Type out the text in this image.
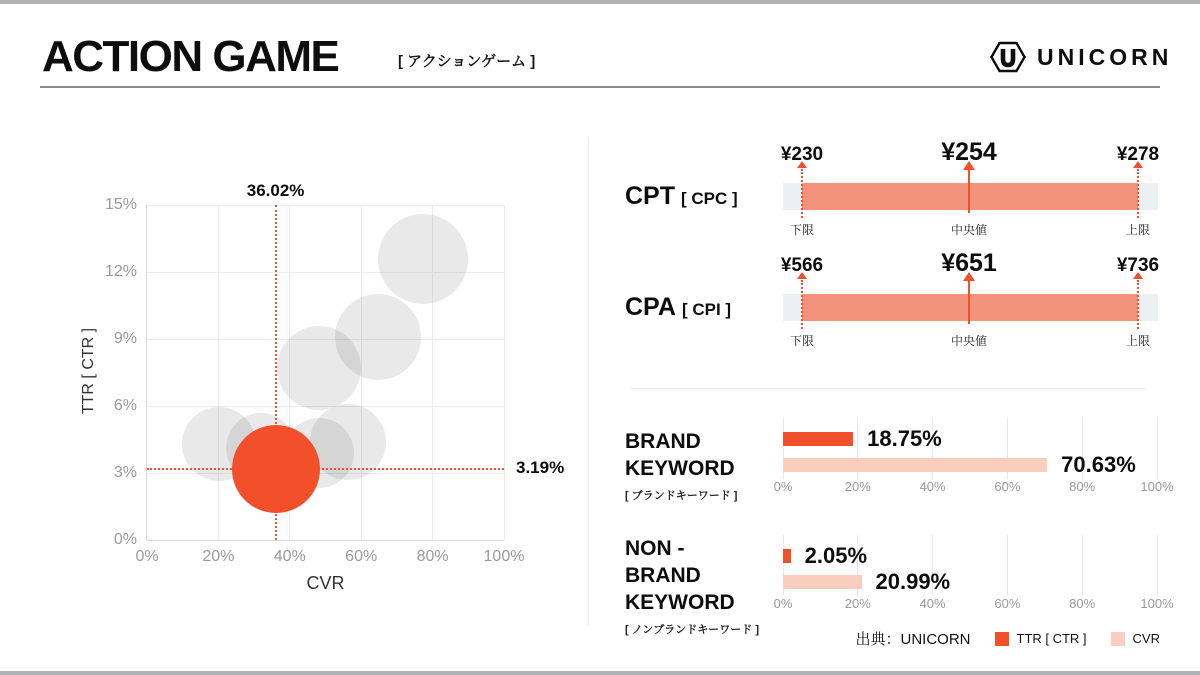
ACTION GAME	[ アクションゲーム ]	UNICORN
CVR
TTR [ CTR ]
0%	20%	40%	60%	80%	100%
0%
3%
6%
9%
12%
15%
36.02%
3.19%
CPT [ CPC ]
¥230	¥254	¥278
下限	中央値	上限
CPA [ CPI ]
¥566	¥651	¥736
下限	中央値	上限
BRAND
KEYWORD
[ ブランドキーワード ]
0%	20%	40%	60%	80%	100%
18.75%
70.63%
NON -
BRAND
KEYWORD
[ ノンブランドキーワード ]
0%	20%	40%	60%	80%	100%
2.05%
20.99%
出典：UNICORN	TTR [ CTR ]	CVR
